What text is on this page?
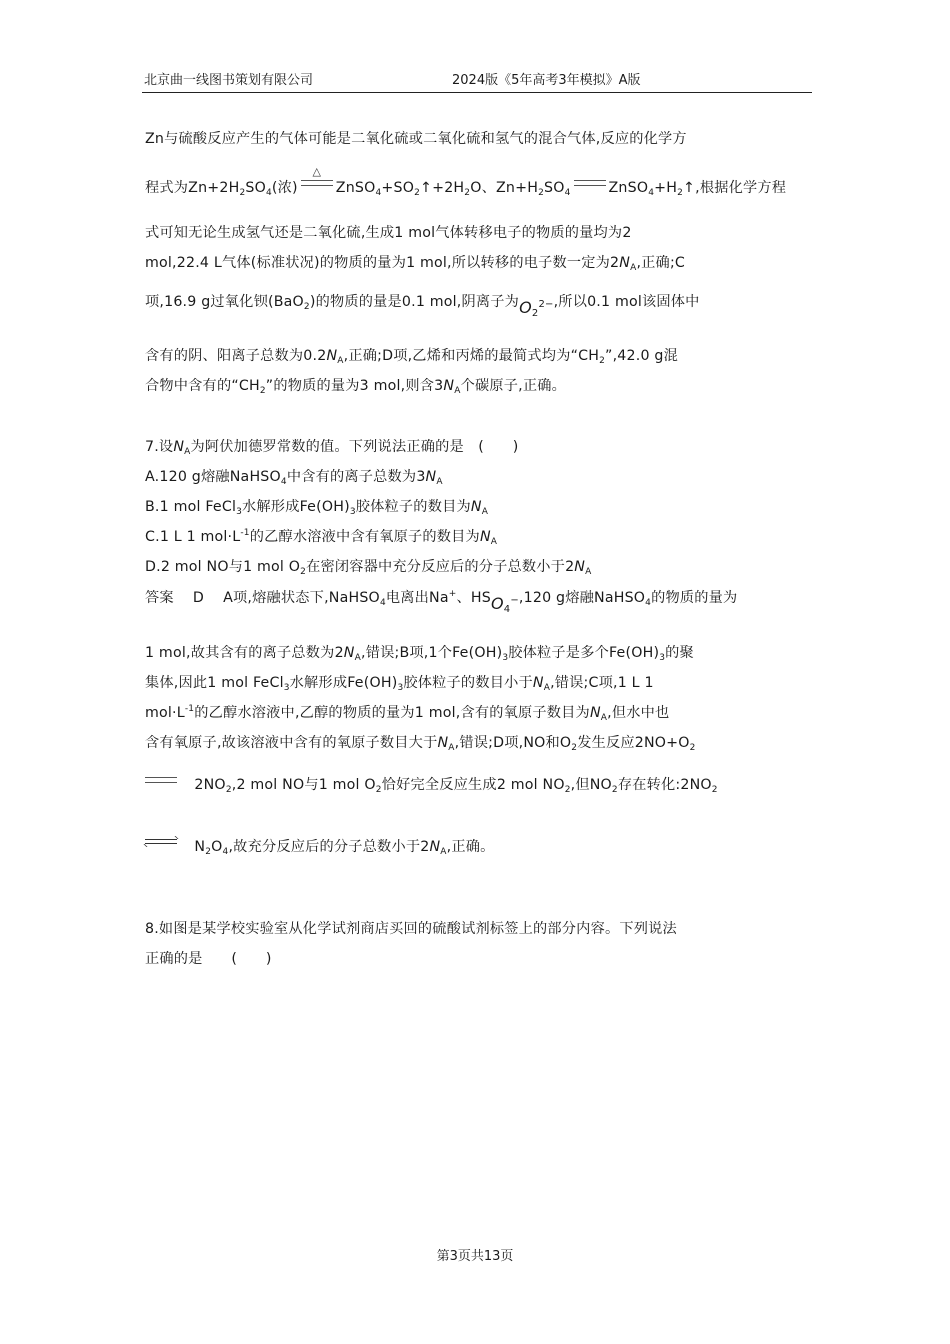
北京曲一线图书策划有限公司	2024版《5年高考3年模拟》A版
Zn与硫酸反应产生的气体可能是二氧化硫或二氧化硫和氢气的混合气体,反应的化学方
程式为$Zn+2H_2SO_4$(浓)
△
$ZnSO_4+SO_2↑+2H_2O$、$Zn+H_2SO_4$	$ZnSO_4+H_2↑$,根据化学方程
式可知无论生成氢气还是二氧化硫,生成1 mol气体转移电子的物质的量均为2
mol,22.4 L气体(标准状况)的物质的量为1 mol,所以转移的电子数一定为$2N_A$,正确;C
项,16.9 g过氧化钡(BaO$_2$)的物质的量是0.1 mol,阴离子为$O_2^{2-}$,所以0.1 mol该固体中
含有的阴、阳离子总数为$0.2N_A$,正确;D项,乙烯和丙烯的最简式均为“$CH_2”,42.0$ g混
合物中含有的“$CH_2$”的物质的量为3 mol,则含$3N_A$个碳原子,正确。
7.设$N_A$为阿伏加德罗常数的值。下列说法正确的是　(　　)
A.120 g熔融NaHSO$_4$中含有的离子总数为$3N_A$
B.1 mol FeCl$_3$水解形成$Fe(OH)_3$胶体粒子的数目为$N_A$
C.1 L 1 $mol\cdot L^{-1}$的乙醇水溶液中含有氧原子的数目为$N_A$
D.2 mol NO与1 mol $O_2$在密闭容器中充分反应后的分子总数小于$2N_A$
答案　 D　 A项,熔融状态下,NaHSO$_4$电离出Na+、$HSO_4^-,120$ g熔融NaHSO$_4$的物质的量为
1 mol,故其含有的离子总数为$2N_A$,错误;B项,1个$Fe(OH)_3$胶体粒子是多个$Fe(OH)_3$的聚
集体,因此1 mol FeCl$_3$水解形成$Fe(OH)_3$胶体粒子的数目小于$N_A$,错误;C项,1 L 1
$mol\cdot L^{-1}$的乙醇水溶液中,乙醇的物质的量为1 mol,含有的氧原子数目为$N_A$,但水中也
含有氧原子,故该溶液中含有的氧原子数目大于$N_A$,错误;D项,NO和$O_2$发生反应$2NO+O_2$
　$2NO_2,2$ mol NO与1 mol $O_2$恰好完全反应生成2 mol $NO_2$,但$NO_2$存在转化$:2NO_2$
　$N_2O_4$,故充分反应后的分子总数小于$2N_A$,正确。
8.如图是某学校实验室从化学试剂商店买回的硫酸试剂标签上的部分内容。下列说法
正确的是　　(　　)
第3页共13页
